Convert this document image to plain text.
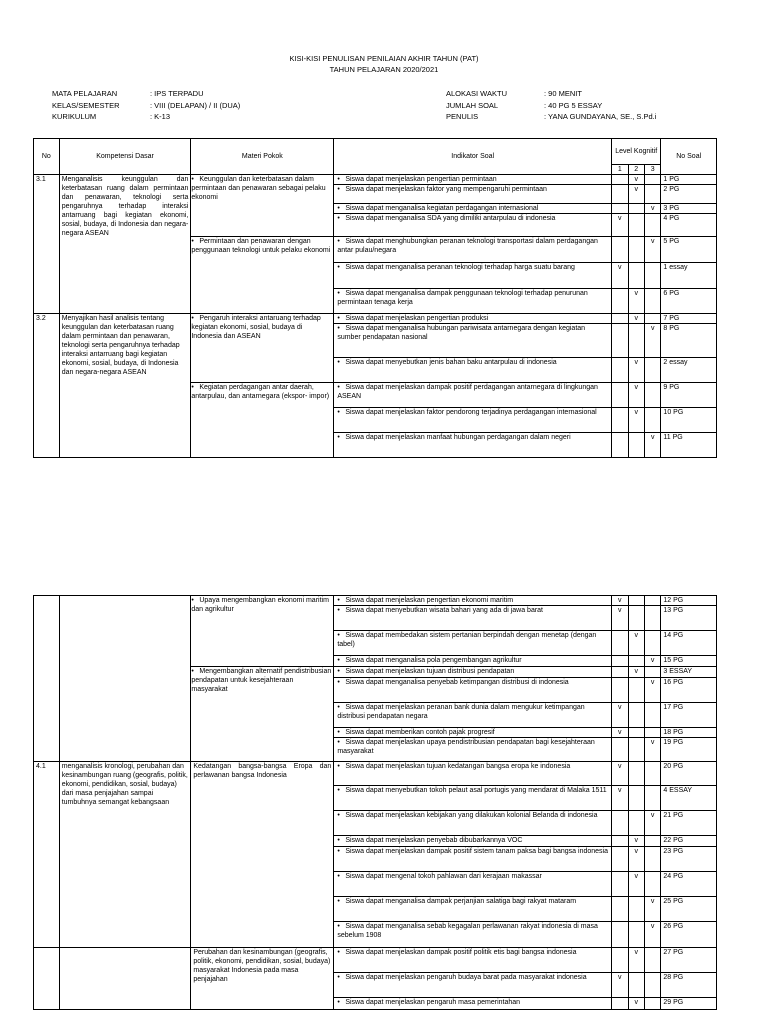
KISI-KISI PENULISAN PENILAIAN AKHIR TAHUN (PAT)
TAHUN PELAJARAN 2020/2021
MATA PELAJARAN	: IPS TERPADU
KELAS/SEMESTER	: VIII (DELAPAN) / II (DUA)
KURIKULUM	: K-13
ALOKASI WAKTU	: 90 MENIT
JUMLAH SOAL	: 40 PG 5 ESSAY
PENULIS	: YANA GUNDAYANA, SE., S.Pd.i
No	Kompetensi Dasar	Materi Pokok	Indikator Soal	Level Kognitif			No Soal
				1	2	3	
3.1	Menganalisis keunggulan dan keterbatasan ruang dalam permintaan dan penawaran, teknologi serta pengaruhnya terhadap interaksi antarruang bagi kegiatan ekonomi, sosial, budaya, di Indonesia dan negara-negara ASEAN	• Keunggulan dan keterbatasan dalam permintaan dan penawaran sebagai pelaku ekonomi	• Siswa dapat menjelaskan pengertian permintaan		v		1 PG
			• Siswa dapat menjelaskan faktor yang mempengaruhi permintaan		v		2 PG
			• Siswa dapat menganalisa kegiatan perdagangan internasional			v	3 PG
			• Siswa dapat menganalisa SDA yang dimiliki antarpulau di indonesia	v			4 PG
		• Permintaan dan penawaran dengan penggunaan teknologi untuk pelaku ekonomi	• Siswa dapat menghubungkan peranan teknologi transportasi dalam perdagangan antar pulau/negara			v	5 PG
			• Siswa dapat menganalisa peranan teknologi terhadap harga suatu barang	v			1 essay
			• Siswa dapat menganalisa dampak penggunaan teknologi terhadap penurunan permintaan tenaga kerja		v		6 PG
3.2	Menyajikan hasil analisis tentang keunggulan dan keterbatasan ruang dalam permintaan dan penawaran, teknologi serta pengaruhnya terhadap interaksi antarruang bagi kegiatan ekonomi, sosial, budaya, di Indonesia dan negara-negara ASEAN	• Pengaruh interaksi antaruang terhadap kegiatan ekonomi, sosial, budaya di Indonesia dan ASEAN	• Siswa dapat menjelaskan pengertian produksi		v		7 PG
			• Siswa dapat menganalisa hubungan pariwisata antarnegara dengan kegiatan sumber pendapatan nasional			v	8 PG
			• Siswa dapat menyebutkan jenis bahan baku antarpulau di indonesia		v		2 essay
		• Kegiatan perdagangan antar daerah, antarpulau, dan antarnegara (ekspor- impor)	• Siswa dapat menjelaskan dampak positif perdagangan antarnegara di lingkungan ASEAN		v		9 PG
			• Siswa dapat menjelaskan faktor pendorong terjadinya perdagangan internasional		v		10 PG
			• Siswa dapat menjelaskan manfaat hubungan perdagangan dalam negeri			v	11 PG
		• Upaya mengembangkan ekonomi maritim dan agrikultur	• Siswa dapat menjelaskan pengertian ekonomi maritim	v			12 PG
			• Siswa dapat menyebutkan wisata bahari yang ada di jawa barat	v			13 PG
			• Siswa dapat membedakan sistem pertanian berpindah dengan menetap (dengan tabel)		v		14 PG
			• Siswa dapat menganalisa pola pengembangan agrikultur			v	15 PG
		• Mengembangkan alternatif pendistribusian pendapatan untuk kesejahteraan masyarakat	• Siswa dapat menjelaskan tujuan distribusi pendapatan		v		3 ESSAY
			• Siswa dapat menganalisa penyebab ketimpangan distribusi di indonesia			v	16 PG
			• Siswa dapat menjelaskan peranan bank dunia dalam mengukur ketimpangan distribusi pendapatan negara	v			17 PG
			• Siswa dapat memberikan contoh pajak progresif	v			18 PG
			• Siswa dapat menjelaskan upaya pendistribusian pendapatan bagi kesejahteraan masyarakat			v	19 PG
4.1	menganalisis kronologi, perubahan dan kesinambungan ruang (geografis, politik, ekonomi, pendidikan, sosial, budaya) dari masa penjajahan sampai tumbuhnya semangat kebangsaan	Kedatangan bangsa-bangsa Eropa dan perlawanan bangsa Indonesia	• Siswa dapat menjelaskan tujuan kedatangan bangsa eropa ke indonesia	v			20 PG
			• Siswa dapat menyebutkan tokoh pelaut asal portugis yang mendarat di Malaka 1511	v			4 ESSAY
			• Siswa dapat menjelaskan kebijakan yang dilakukan kolonial Belanda di indonesia			v	21 PG
			• Siswa dapat menjelaskan penyebab dibubarkannya VOC		v		22 PG
			• Siswa dapat menjelaskan dampak positif sistem tanam paksa bagi bangsa indonesia		v		23 PG
			• Siswa dapat mengenal tokoh pahlawan dari kerajaan makassar		v		24 PG
			• Siswa dapat menganalisa dampak perjanjian salatiga bagi rakyat mataram			v	25 PG
			• Siswa dapat menganalisa sebab kegagalan perlawanan rakyat indonesia di masa sebelum 1908			v	26 PG
		Perubahan dan kesinambungan (geografis, politik, ekonomi, pendidikan, sosial, budaya) masyarakat Indonesia pada masa penjajahan	• Siswa dapat menjelaskan dampak positif politik etis bagi bangsa indonesia		v		27 PG
			• Siswa dapat menjelaskan pengaruh budaya barat pada masyarakat indonesia	v			28 PG
			• Siswa dapat menjelaskan pengaruh masa pemerintahan		v		29 PG
